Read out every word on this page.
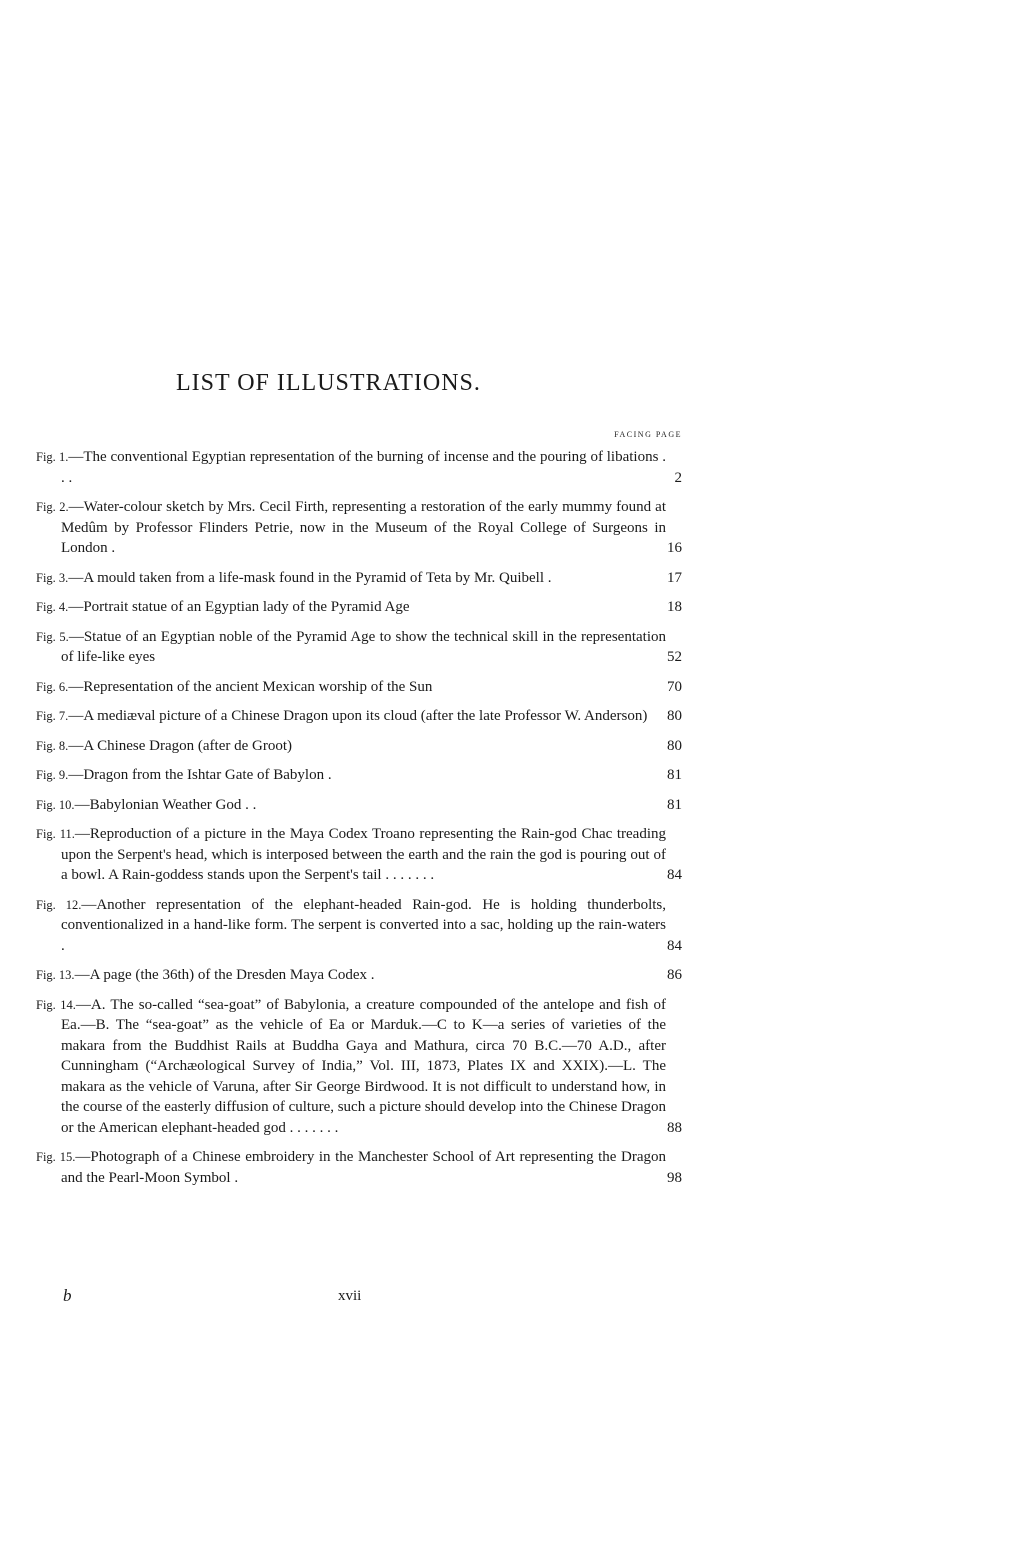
LIST OF ILLUSTRATIONS.
FACING PAGE
Fig. 1.—The conventional Egyptian representation of the burning of incense and the pouring of libations . . .	2
Fig. 2.—Water-colour sketch by Mrs. Cecil Firth, representing a restoration of the early mummy found at Medûm by Professor Flinders Petrie, now in the Museum of the Royal College of Surgeons in London .	16
Fig. 3.—A mould taken from a life-mask found in the Pyramid of Teta by Mr. Quibell .	17
Fig. 4.—Portrait statue of an Egyptian lady of the Pyramid Age	18
Fig. 5.—Statue of an Egyptian noble of the Pyramid Age to show the technical skill in the representation of life-like eyes	52
Fig. 6.—Representation of the ancient Mexican worship of the Sun	70
Fig. 7.—A mediæval picture of a Chinese Dragon upon its cloud (after the late Professor W. Anderson)	80
Fig. 8.—A Chinese Dragon (after de Groot)	80
Fig. 9.—Dragon from the Ishtar Gate of Babylon .	81
Fig. 10.—Babylonian Weather God . .	81
Fig. 11.—Reproduction of a picture in the Maya Codex Troano representing the Rain-god Chac treading upon the Serpent's head, which is interposed between the earth and the rain the god is pouring out of a bowl. A Rain-goddess stands upon the Serpent's tail . . . . . . .	84
Fig. 12.—Another representation of the elephant-headed Rain-god. He is holding thunderbolts, conventionalized in a hand-like form. The serpent is converted into a sac, holding up the rain-waters .	84
Fig. 13.—A page (the 36th) of the Dresden Maya Codex .	86
Fig. 14.—A. The so-called “sea-goat” of Babylonia, a creature compounded of the antelope and fish of Ea.—B. The “sea-goat” as the vehicle of Ea or Marduk.—C to K—a series of varieties of the makara from the Buddhist Rails at Buddha Gaya and Mathura, circa 70 B.C.—70 A.D., after Cunningham (“Archæological Survey of India,” Vol. III, 1873, Plates IX and XXIX).—L. The makara as the vehicle of Varuna, after Sir George Birdwood. It is not difficult to understand how, in the course of the easterly diffusion of culture, such a picture should develop into the Chinese Dragon or the American elephant-headed god . . . . . . .	88
Fig. 15.—Photograph of a Chinese embroidery in the Manchester School of Art representing the Dragon and the Pearl-Moon Symbol .	98
b	xvii
